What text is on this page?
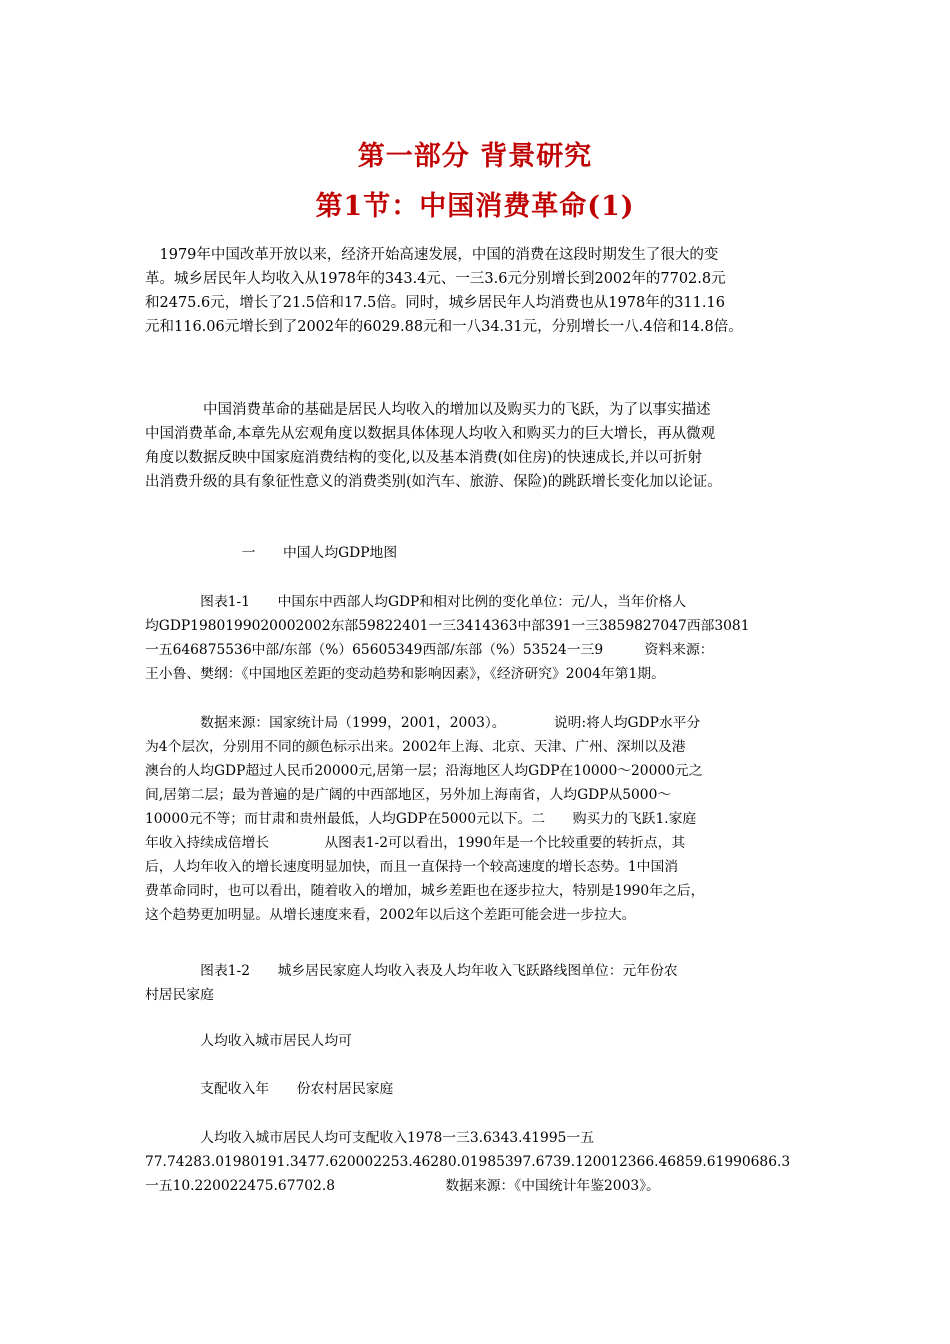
第一部分 背景研究
第1节：中国消费革命(1)
　1979年中国改革开放以来，经济开始高速发展，中国的消费在这段时期发生了很大的变
革。城乡居民年人均收入从1978年的343.4元、一三3.6元分别增长到2002年的7702.8元
和2475.6元，增长了21.5倍和17.5倍。同时，城乡居民年人均消费也从1978年的311.16
元和116.06元增长到了2002年的6029.88元和一八34.31元，分别增长一八.4倍和14.8倍。
　　　　中国消费革命的基础是居民人均收入的增加以及购买力的飞跃，为了以事实描述
中国消费革命,本章先从宏观角度以数据具体体现人均收入和购买力的巨大增长，再从微观
角度以数据反映中国家庭消费结构的变化,以及基本消费(如住房)的快速成长,并以可折射
出消费升级的具有象征性意义的消费类别(如汽车、旅游、保险)的跳跃增长变化加以论证。
　　　　　　　一　　中国人均GDP地图
　　　　图表1-1　　中国东中西部人均GDP和相对比例的变化单位：元/人，当年价格人
均GDP1980199020002002东部59822401一三3414363中部391一三3859827047西部3081
一五646875536中部/东部（%）65605349西部/东部（%）53524一三9　　　资料来源：
王小鲁、樊纲：《中国地区差距的变动趋势和影响因素》，《经济研究》2004年第1期。
　　　　数据来源：国家统计局（1999，2001，2003）。　　　　说明:将人均GDP水平分
为4个层次，分别用不同的颜色标示出来。2002年上海、北京、天津、广州、深圳以及港
澳台的人均GDP超过人民币20000元,居第一层；沿海地区人均GDP在10000～20000元之
间,居第二层；最为普遍的是广阔的中西部地区，另外加上海南省，人均GDP从5000～
10000元不等；而甘肃和贵州最低，人均GDP在5000元以下。二　　购买力的飞跃1.家庭
年收入持续成倍增长　　　　从图表1-2可以看出，1990年是一个比较重要的转折点，其
后，人均年收入的增长速度明显加快，而且一直保持一个较高速度的增长态势。1中国消
费革命同时，也可以看出，随着收入的增加，城乡差距也在逐步拉大，特别是1990年之后，
这个趋势更加明显。从增长速度来看，2002年以后这个差距可能会进一步拉大。
　　　　图表1-2　　城乡居民家庭人均收入表及人均年收入飞跃路线图单位：元年份农
村居民家庭
　　　　人均收入城市居民人均可
　　　　支配收入年　　份农村居民家庭
　　　　人均收入城市居民人均可支配收入1978一三3.6343.41995一五
77.74283.01980191.3477.620002253.46280.01985397.6739.120012366.46859.61990686.3
一五10.220022475.67702.8　　　　　　　　数据来源：《中国统计年鉴2003》。
